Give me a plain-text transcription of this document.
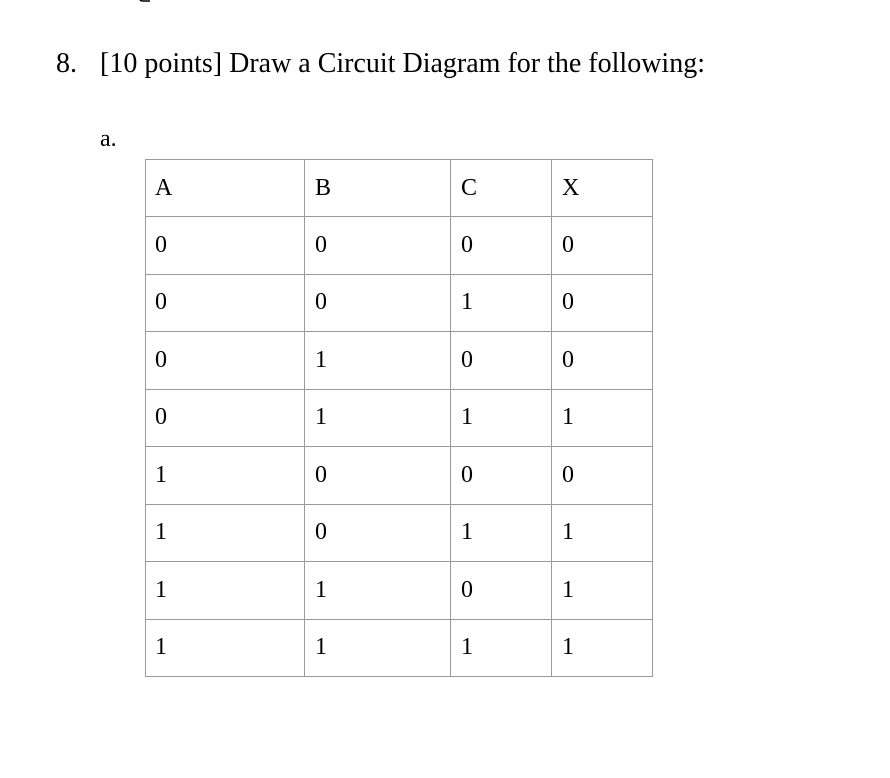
8. [10 points] Draw a Circuit Diagram for the following:
a.
A	B	C	X
0	0	0	0
0	0	1	0
0	1	0	0
0	1	1	1
1	0	0	0
1	0	1	1
1	1	0	1
1	1	1	1
